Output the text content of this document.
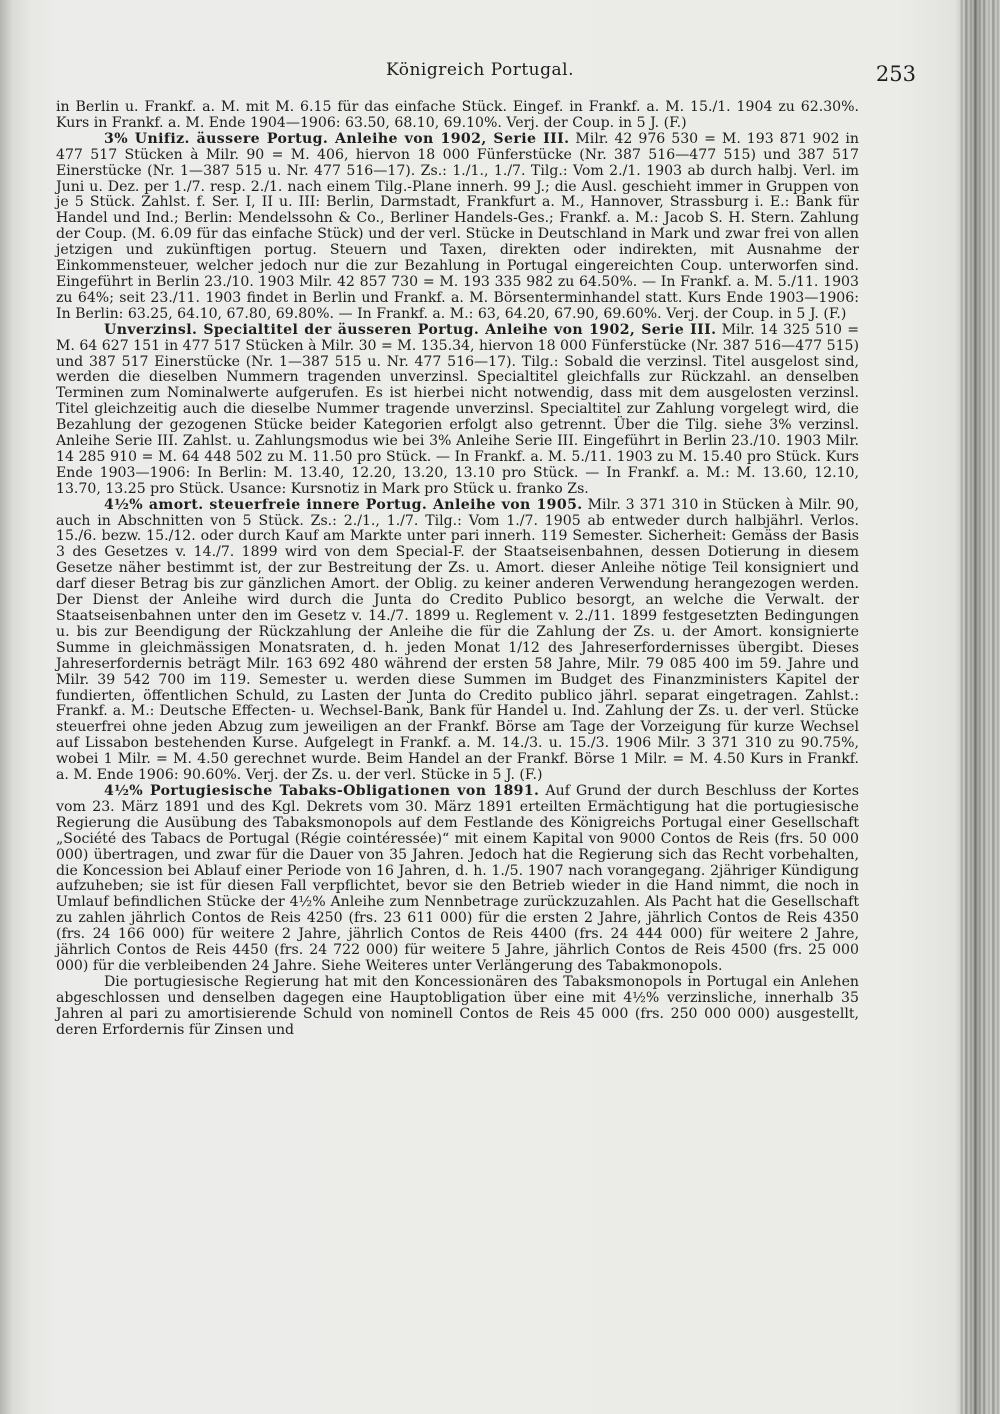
Königreich Portugal.	253

in Berlin u. Frankf. a. M. mit M. 6.15 für das einfache Stück. Eingef. in Frankf. a. M. 15./1. 1904 zu 62.30%. Kurs in Frankf. a. M. Ende 1904—1906: 63.50, 68.10, 69.10%. Verj. der Coup. in 5 J. (F.)

3% Unifiz. äussere Portug. Anleihe von 1902, Serie III. Milr. 42 976 530 = M. 193 871 902 in 477 517 Stücken à Milr. 90 = M. 406, hiervon 18 000 Fünferstücke (Nr. 387 516—477 515) und 387 517 Einerstücke (Nr. 1—387 515 u. Nr. 477 516—17). Zs.: 1./1., 1./7. Tilg.: Vom 2./1. 1903 ab durch halbj. Verl. im Juni u. Dez. per 1./7. resp. 2./1. nach einem Tilg.-Plane innerh. 99 J.; die Ausl. geschieht immer in Gruppen von je 5 Stück. Zahlst. f. Ser. I, II u. III: Berlin, Darmstadt, Frankfurt a. M., Hannover, Strassburg i. E.: Bank für Handel und Ind.; Berlin: Mendelssohn & Co., Berliner Handels-Ges.; Frankf. a. M.: Jacob S. H. Stern. Zahlung der Coup. (M. 6.09 für das einfache Stück) und der verl. Stücke in Deutschland in Mark und zwar frei von allen jetzigen und zukünftigen portug. Steuern und Taxen, direkten oder indirekten, mit Ausnahme der Einkommensteuer, welcher jedoch nur die zur Bezahlung in Portugal eingereichten Coup. unterworfen sind. Eingeführt in Berlin 23./10. 1903 Milr. 42 857 730 = M. 193 335 982 zu 64.50%. — In Frankf. a. M. 5./11. 1903 zu 64%; seit 23./11. 1903 findet in Berlin und Frankf. a. M. Börsenterminhandel statt. Kurs Ende 1903—1906: In Berlin: 63.25, 64.10, 67.80, 69.80%. — In Frankf. a. M.: 63, 64.20, 67.90, 69.60%. Verj. der Coup. in 5 J. (F.)

Unverzinsl. Specialtitel der äusseren Portug. Anleihe von 1902, Serie III. Milr. 14 325 510 = M. 64 627 151 in 477 517 Stücken à Milr. 30 = M. 135.34, hiervon 18 000 Fünferstücke (Nr. 387 516—477 515) und 387 517 Einerstücke (Nr. 1—387 515 u. Nr. 477 516—17). Tilg.: Sobald die verzinsl. Titel ausgelost sind, werden die dieselben Nummern tragenden unverzinsl. Specialtitel gleichfalls zur Rückzahl. an denselben Terminen zum Nominalwerte aufgerufen. Es ist hierbei nicht notwendig, dass mit dem ausgelosten verzinsl. Titel gleichzeitig auch die dieselbe Nummer tragende unverzinsl. Specialtitel zur Zahlung vorgelegt wird, die Bezahlung der gezogenen Stücke beider Kategorien erfolgt also getrennt. Über die Tilg. siehe 3% verzinsl. Anleihe Serie III. Zahlst. u. Zahlungsmodus wie bei 3% Anleihe Serie III. Eingeführt in Berlin 23./10. 1903 Milr. 14 285 910 = M. 64 448 502 zu M. 11.50 pro Stück. — In Frankf. a. M. 5./11. 1903 zu M. 15.40 pro Stück. Kurs Ende 1903—1906: In Berlin: M. 13.40, 12.20, 13.20, 13.10 pro Stück. — In Frankf. a. M.: M. 13.60, 12.10, 13.70, 13.25 pro Stück. Usance: Kursnotiz in Mark pro Stück u. franko Zs.

4½% amort. steuerfreie innere Portug. Anleihe von 1905. Milr. 3 371 310 in Stücken à Milr. 90, auch in Abschnitten von 5 Stück. Zs.: 2./1., 1./7. Tilg.: Vom 1./7. 1905 ab entweder durch halbjährl. Verlos. 15./6. bezw. 15./12. oder durch Kauf am Markte unter pari innerh. 119 Semester. Sicherheit: Gemäss der Basis 3 des Gesetzes v. 14./7. 1899 wird von dem Special-F. der Staatseisenbahnen, dessen Dotierung in diesem Gesetze näher bestimmt ist, der zur Bestreitung der Zs. u. Amort. dieser Anleihe nötige Teil konsigniert und darf dieser Betrag bis zur gänzlichen Amort. der Oblig. zu keiner anderen Verwendung herangezogen werden. Der Dienst der Anleihe wird durch die Junta do Credito Publico besorgt, an welche die Verwalt. der Staatseisenbahnen unter den im Gesetz v. 14./7. 1899 u. Reglement v. 2./11. 1899 festgesetzten Bedingungen u. bis zur Beendigung der Rückzahlung der Anleihe die für die Zahlung der Zs. u. der Amort. konsignierte Summe in gleichmässigen Monatsraten, d. h. jeden Monat 1/12 des Jahreserfordernisses übergibt. Dieses Jahreserfordernis beträgt Milr. 163 692 480 während der ersten 58 Jahre, Milr. 79 085 400 im 59. Jahre und Milr. 39 542 700 im 119. Semester u. werden diese Summen im Budget des Finanzministers Kapitel der fundierten, öffentlichen Schuld, zu Lasten der Junta do Credito publico jährl. separat eingetragen. Zahlst.: Frankf. a. M.: Deutsche Effecten- u. Wechsel-Bank, Bank für Handel u. Ind. Zahlung der Zs. u. der verl. Stücke steuerfrei ohne jeden Abzug zum jeweiligen an der Frankf. Börse am Tage der Vorzeigung für kurze Wechsel auf Lissabon bestehenden Kurse. Aufgelegt in Frankf. a. M. 14./3. u. 15./3. 1906 Milr. 3 371 310 zu 90.75%, wobei 1 Milr. = M. 4.50 gerechnet wurde. Beim Handel an der Frankf. Börse 1 Milr. = M. 4.50 Kurs in Frankf. a. M. Ende 1906: 90.60%. Verj. der Zs. u. der verl. Stücke in 5 J. (F.)

4½% Portugiesische Tabaks-Obligationen von 1891. Auf Grund der durch Beschluss der Kortes vom 23. März 1891 und des Kgl. Dekrets vom 30. März 1891 erteilten Ermächtigung hat die portugiesische Regierung die Ausübung des Tabaksmonopols auf dem Festlande des Königreichs Portugal einer Gesellschaft „Société des Tabacs de Portugal (Régie cointéressée)“ mit einem Kapital von 9000 Contos de Reis (frs. 50 000 000) übertragen, und zwar für die Dauer von 35 Jahren. Jedoch hat die Regierung sich das Recht vorbehalten, die Koncession bei Ablauf einer Periode von 16 Jahren, d. h. 1./5. 1907 nach vorangegang. 2jähriger Kündigung aufzuheben; sie ist für diesen Fall verpflichtet, bevor sie den Betrieb wieder in die Hand nimmt, die noch in Umlauf befindlichen Stücke der 4½% Anleihe zum Nennbetrage zurückzuzahlen. Als Pacht hat die Gesellschaft zu zahlen jährlich Contos de Reis 4250 (frs. 23 611 000) für die ersten 2 Jahre, jährlich Contos de Reis 4350 (frs. 24 166 000) für weitere 2 Jahre, jährlich Contos de Reis 4400 (frs. 24 444 000) für weitere 2 Jahre, jährlich Contos de Reis 4450 (frs. 24 722 000) für weitere 5 Jahre, jährlich Contos de Reis 4500 (frs. 25 000 000) für die verbleibenden 24 Jahre. Siehe Weiteres unter Verlängerung des Tabakmonopols.

Die portugiesische Regierung hat mit den Koncessionären des Tabaksmonopols in Portugal ein Anlehen abgeschlossen und denselben dagegen eine Hauptobligation über eine mit 4½% verzinsliche, innerhalb 35 Jahren al pari zu amortisierende Schuld von nominell Contos de Reis 45 000 (frs. 250 000 000) ausgestellt, deren Erfordernis für Zinsen und
